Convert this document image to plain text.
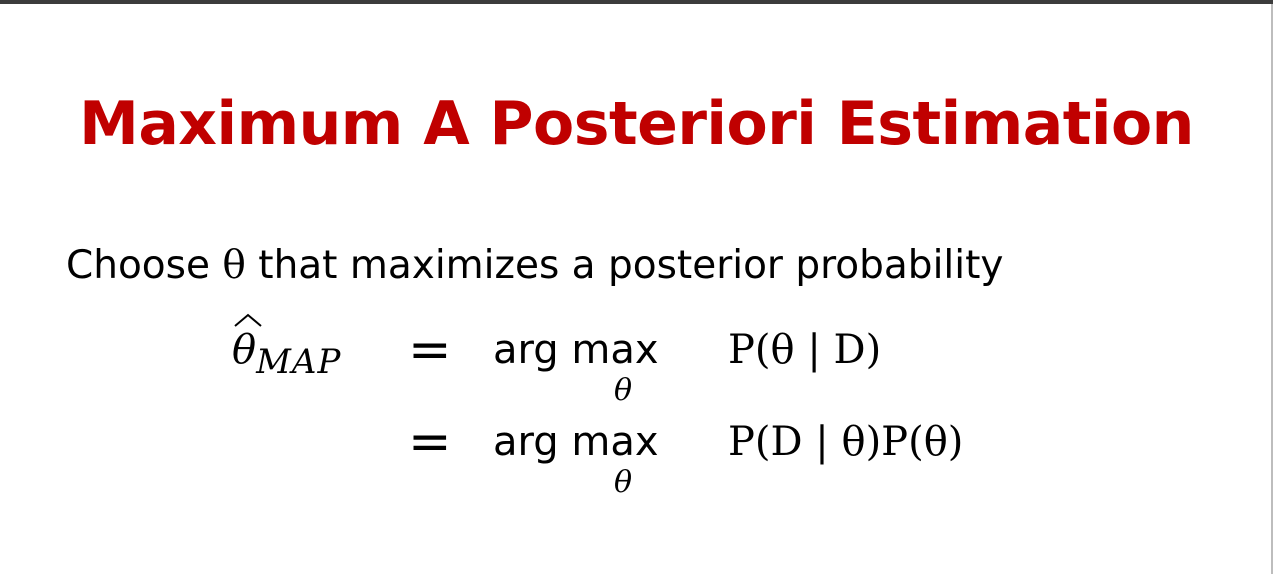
Maximum A Posteriori Estimation
Choose θ that maximizes a posterior probability
$\theta_{MAP}$ = arg max
θ
P(θ | D)
= arg max
θ
P(D | θ)P(θ)
